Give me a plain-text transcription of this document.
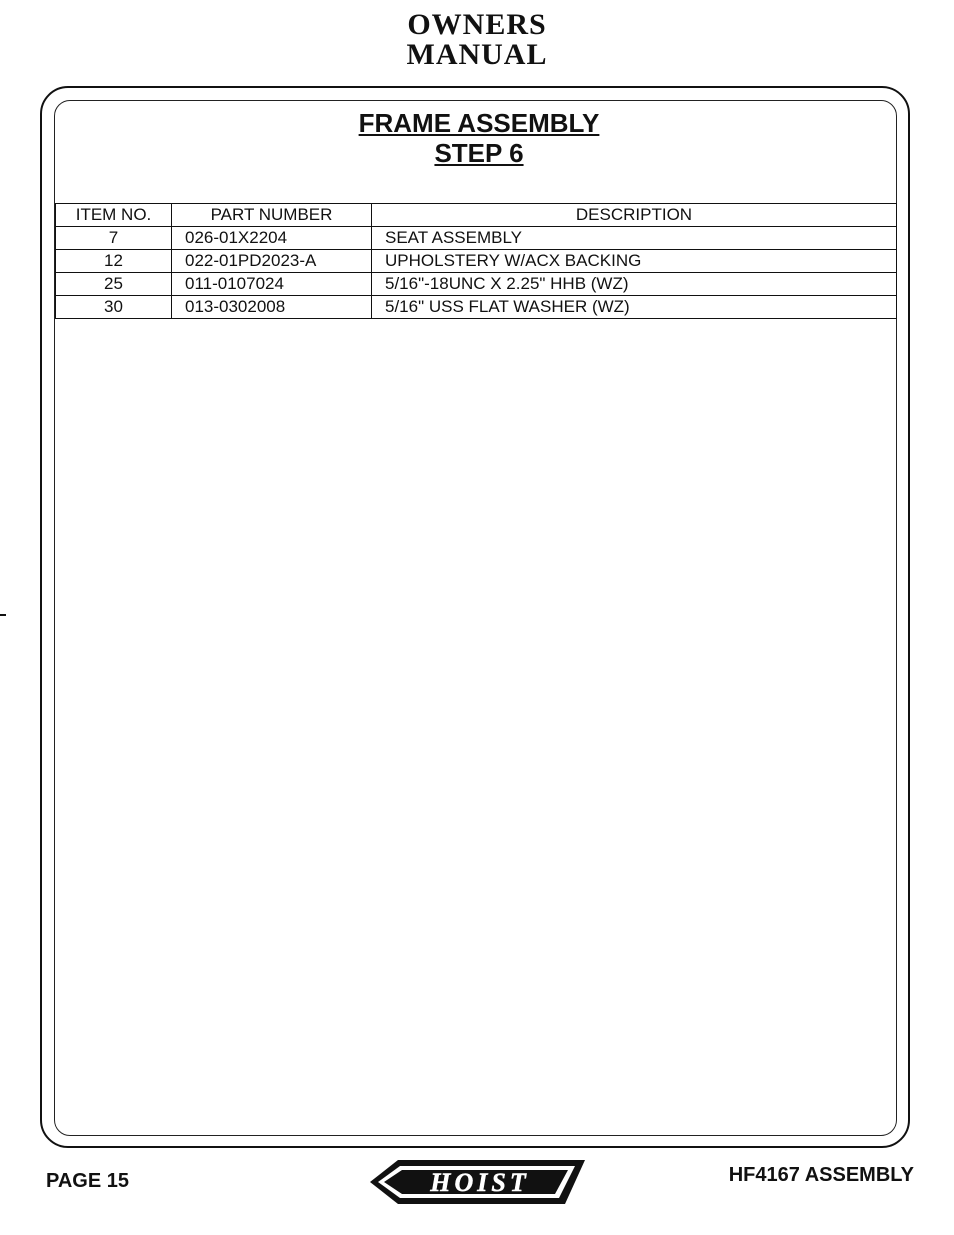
OWNERS
MANUAL
FRAME ASSEMBLY
STEP 6
ITEM NO.	PART NUMBER	DESCRIPTION
7	026-01X2204	SEAT ASSEMBLY
12	022-01PD2023-A	UPHOLSTERY W/ACX BACKING
25	011-0107024	5/16"-18UNC X 2.25" HHB (WZ)
30	013-0302008	5/16" USS FLAT WASHER (WZ)
PAGE 15	HOIST	HF4167 ASSEMBLY
